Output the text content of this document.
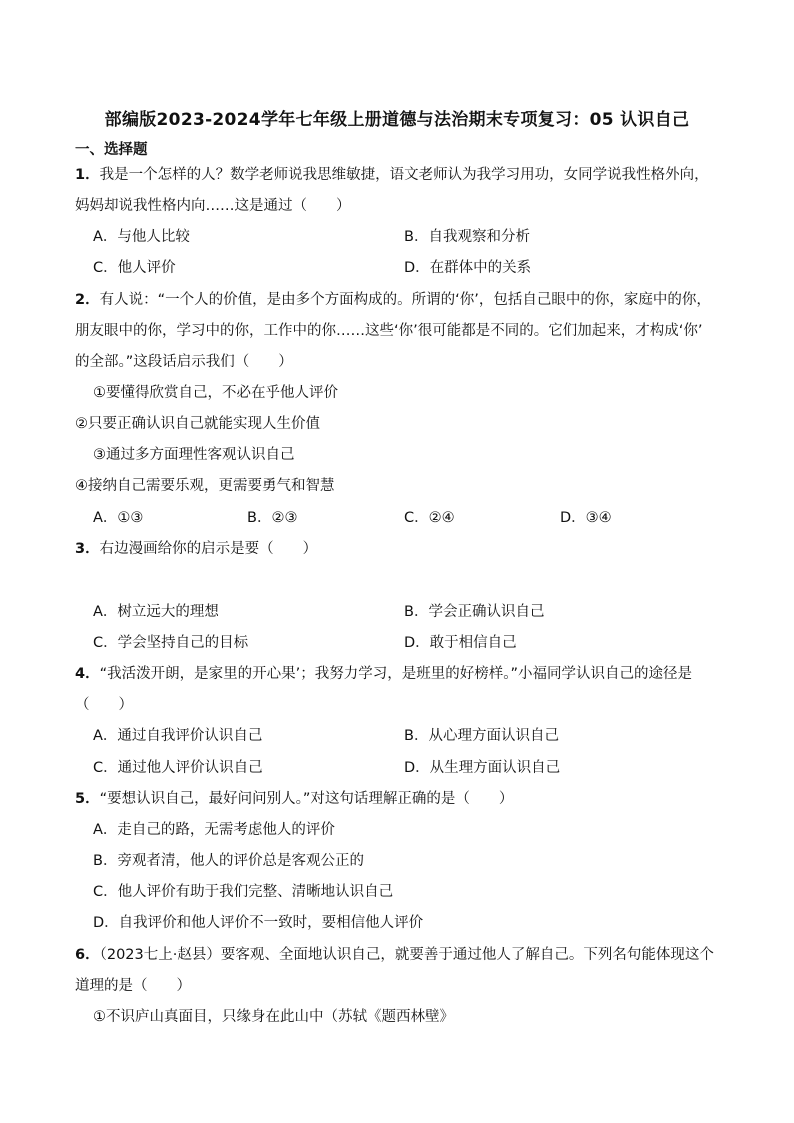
部编版2023-2024学年七年级上册道德与法治期末专项复习：05 认识自己
一、选择题
1．我是一个怎样的人？数学老师说我思维敏捷，语文老师认为我学习用功，女同学说我性格外向，
妈妈却说我性格内向……这是通过（　　）
A．与他人比较	B．自我观察和分析
C．他人评价	D．在群体中的关系
2．有人说：“一个人的价值，是由多个方面构成的。所谓的‘你’，包括自己眼中的你，家庭中的你，
朋友眼中的你，学习中的你，工作中的你……这些‘你’很可能都是不同的。它们加起来，才构成‘你’
的全部。”这段话启示我们（　　）
①要懂得欣赏自己，不必在乎他人评价
②只要正确认识自己就能实现人生价值
③通过多方面理性客观认识自己
④接纳自己需要乐观，更需要勇气和智慧
A．①③	B．②③	C．②④	D．③④
3．右边漫画给你的启示是要（　　）
A．树立远大的理想	B．学会正确认识自己
C．学会坚持自己的目标	D．敢于相信自己
4．“我活泼开朗，是家里的开心果’；我努力学习，是班里的好榜样。”小福同学认识自己的途径是
（　　）
A．通过自我评价认识自己	B．从心理方面认识自己
C．通过他人评价认识自己	D．从生理方面认识自己
5．“要想认识自己，最好问问别人。”对这句话理解正确的是（　　）
A．走自己的路，无需考虑他人的评价
B．旁观者清，他人的评价总是客观公正的
C．他人评价有助于我们完整、清晰地认识自己
D．自我评价和他人评价不一致时，要相信他人评价
6．（2023七上·赵县）要客观、全面地认识自己，就要善于通过他人了解自己。下列名句能体现这个
道理的是（　　）
①不识庐山真面目，只缘身在此山中（苏轼《题西林壁》
